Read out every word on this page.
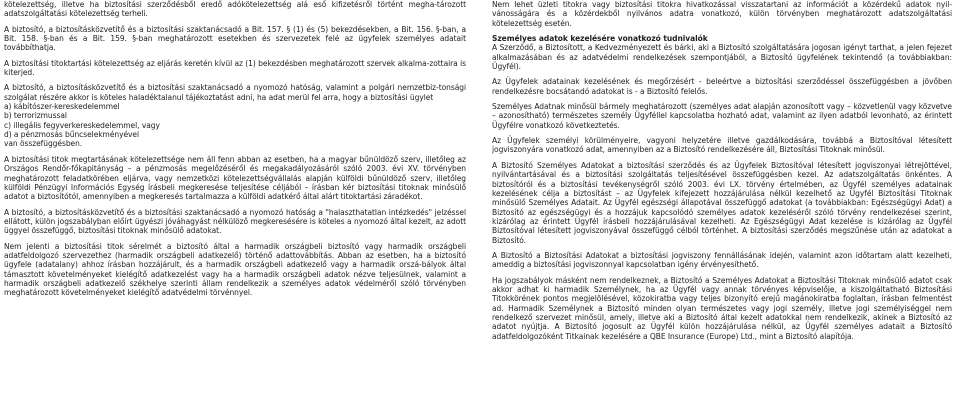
kötelezettség, illetve ha biztosítási szerződésből eredő adókötelezettség alá eső kifizetésről történt megha-tározott adatszolgáltatási kötelezettség terheli.

A biztosító, a biztosításközvetítő és a biztosítási szaktanácsadó a Bit. 157. § (1) és (5) bekezdésekben, a Bit. 156. §-ban, a Bit. 158. §-ban és a Bit. 159. §-ban meghatározott esetekben és szervezetek felé az ügyfelek személyes adatait továbbíthatja.

A biztosítási titoktartási kötelezettség az eljárás keretén kívül az (1) bekezdésben meghatározott szervek alkalma-zottaira is kiterjed.

A biztosító, a biztosításközvetítő és a biztosítási szaktanácsadó a nyomozó hatóság, valamint a polgári nemzetbiz-tonsági szolgálat részére akkor is köteles haladéktalanul tájékoztatást adni, ha adat merül fel arra, hogy a biztosítási ügylet

a) kábítószer-kereskedelemmel

b) terrorizmussal

c) illegális fegyverkereskedelemmel, vagy

d) a pénzmosás bűncselekményével

van összefüggésben.

A biztosítási titok megtartásának kötelezettsége nem áll fenn abban az esetben, ha a magyar bűnüldöző szerv, illetőleg az Országos Rendőr-főkapitányság – a pénzmosás megelőzéséről és megakadályozásáról szóló 2003. évi XV. törvényben meghatározott feladatkörében eljárva, vagy nemzetközi kötelezettségvállalás alapján külföldi bűnüldöző szerv, illetőleg külföldi Pénzügyi Információs Egység írásbeli megkeresése teljesítése céljából – írásban kér biztosítási titoknak minősülő adatot a biztosítótól, amennyiben a megkeresés tartalmazza a külföldi adatkérő által alárt titoktartási záradékot.

A biztosító, a biztosításközvetítő és a biztosítási szaktanácsadó a nyomozó hatóság a "halaszthatatlan intézkedés" jelzéssel ellátott, külön jogszabályban előírt ügyészi jóváhagyást nélkülöző megkeresésére is köteles a nyomozó által kezelt, az adott üggyel összefüggő, biztosítási titoknak minősülő adatokat.

Nem jelenti a biztosítási titok sérelmét a biztosító által a harmadik országbeli biztosító vagy harmadik országbeli adatfeldolgozó szervezethez (harmadik országbeli adatkezelő) történő adattovábbítás. Abban az esetben, ha a biztosító ügyfele (adatalany) ahhoz írásban hozzájárult, és a harmadik országbeli adatkezelő vagy a harmadik orszá-bályok által támasztott követelményeket kielégítő adatkezelést vagy ha a harmadik országbeli adatok nézve teljesülnek, valamint a harmadik országbeli adatkezelő székhelye szerinti állam rendelkezik a személyes adatok védelméről szóló törvényben meghatározott követelményeket kielégítő adatvédelmi törvénnyel.

Nem lehet üzleti titokra vagy biztosítási titokra hivatkozással visszatartani az információt a közérdekű adatok nyil-vánosságára és a közérdekből nyilvános adatra vonatkozó, külön törvényben meghatározott adatszolgáltatási kötelezettség esetén.

Személyes adatok kezelésére vonatkozó tudnivalók

A Szerződő, a Biztosított, a Kedvezményezett és bárki, aki a Biztosító szolgáltatására jogosan igényt tarthat, a jelen fejezet alkalmazásában és az adatvédelmi rendelkezések szempontjából, a Biztosító ügyfelének tekintendő (a továbbiakban: Ügyfél).

Az Ügyfelek adatainak kezelésének és megőrzésért - beleértve a biztosítási szerződéssel összefüggésben a jövőben rendelkezésre bocsátandó adatokat is - a Biztosító felelős.

Személyes Adatnak minősül bármely meghatározott (személyes adat alapján azonosított vagy – közvetlenül vagy közvetve – azonosítható) természetes személy Ügyféllel kapcsolatba hozható adat, valamint az ilyen adatból levonható, az érintett Ügyfélre vonatkozó következtetés.

Az Ügyfelek személyi körülményeire, vagyoni helyzetére illetve gazdálkodására, továbbá a Biztosítóval létesített jogviszonyára vonatkozó adat, amennyiben az a Biztosító rendelkezésére áll, Biztosítási Titoknak minősül.

A Biztosító Személyes Adatokat a biztosítási szerződés és az Ügyfelek Biztosítóval létesített jogviszonyai létrejöttével, nyilvántartásával és a biztosítási szolgáltatás teljesítésével összefüggésben kezel. Az adatszolgáltatás önkéntes. A biztosítóról és a biztosítási tevékenységről szóló 2003. évi LX. törvény értelmében, az Ügyfél személyes adatainak kezelésének célja a biztosítást – az Ügyfelek kifejezett hozzájárulása nélkül kezelhető az Ügyfél Biztosítási Titoknak minősülő Személyes Adatait. Az Ügyfél egészségi állapotával összefüggő adatokat (a továbbiakban: Egészségügyi Adat) a Biztosító az egészségügyi és a hozzájuk kapcsolódó személyes adatok kezeléséről szóló törvény rendelkezései szerint, kizárólag az érintett Ügyfél írásbeli hozzájárulásával kezelheti. Az Egészségügyi Adat kezelése is kizárólag az Ügyfél Biztosítóval létesített jogviszonyával összefüggő célból történhet. A biztosítási szerződés megszűnése után az adatokat a Biztosító.

A Biztosító a Biztosítási Adatokat a biztosítási jogviszony fennállásának idején, valamint azon időtartam alatt kezelheti, ameddig a biztosítási jogviszonnyal kapcsolatban igény érvényesíthető.

Ha jogszabályok másként nem rendelkeznek, a Biztosító a Személyes Adatokat a Biztosítási Titoknak minősülő adatot csak akkor adhat ki harmadik Személynek, ha az Ügyfél vagy annak törvényes képviselője, a kiszolgáltatható Biztosítási Titokkörének pontos megjelölésével, közokiratba vagy teljes bizonyító erejű magánokiratba foglaltan, írásban felmentést ad. Harmadik Személynek a Biztosító minden olyan természetes vagy jogi személy, illetve jogi személyiséggel nem rendelkező szervezet minősül, amely, illetve aki a Biztosító által kezelt adatokkal nem rendelkezik, akinek a Biztosító az adatot nyújtja. A Biztosító jogosult az Ügyfél külön hozzájárulása nélkül, az Ügyfél személyes adatait a Biztosító adatfeldolgozóként Titkainak kezelésére a QBE Insurance (Europe) Ltd., mint a Biztosító alapítója.
